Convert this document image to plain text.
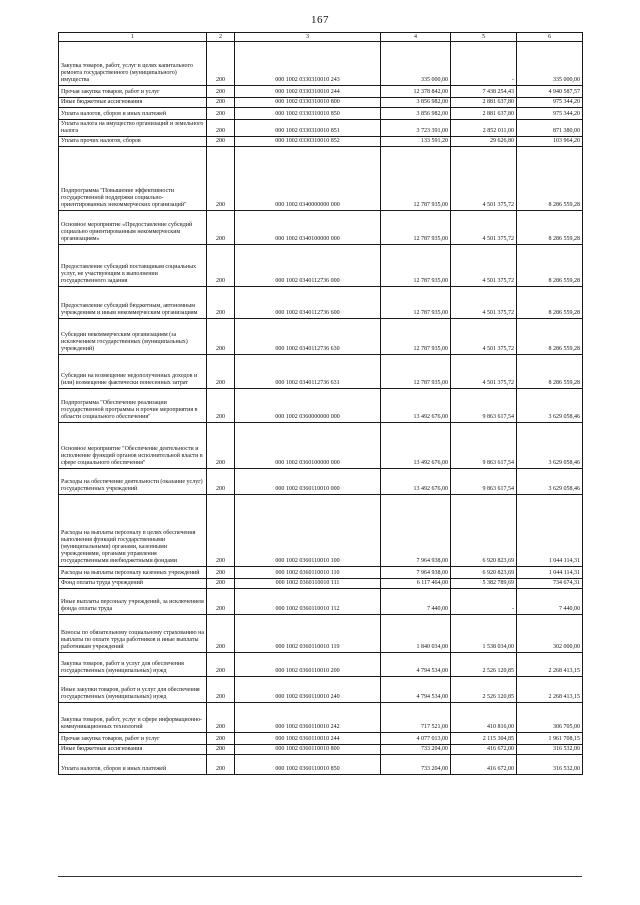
167
1	2	3	4	5	6
Закупка товаров, работ, услуг в целях капитального ремонта государственного (муниципального) имущества	200	000 1002 0330310010 243	335 000,00	-	335 000,00
Прочая закупка товаров, работ и услуг	200	000 1002 0330310010 244	12 378 842,00	7 438 254,43	4 940 587,57
Иные бюджетные ассигнования	200	000 1002 0330310010 800	3 856 982,00	2 881 637,80	975 344,20
Уплата налогов, сборов и иных платежей	200	000 1002 0330310010 850	3 856 982,00	2 881 637,80	975 344,20
Уплата налога на имущество организаций и земельного налога	200	000 1002 0330310010 851	3 723 391,00	2 852 011,00	871 380,00
Уплата прочих налогов, сборов	200	000 1002 0330310010 852	133 591,20	29 626,80	103 964,20
Подпрограмма "Повышение эффективности государственной поддержки социально-ориентированных некоммерческих организаций"	200	000 1002 0340000000 000	12 787 935,00	4 501 375,72	8 286 559,28
Основное мероприятие «Предоставление субсидий социально ориентированным некоммерческим организациям»	200	000 1002 0340100000 000	12 787 935,00	4 501 375,72	8 286 559,28
Предоставление субсидий поставщикам социальных услуг, не участвующим в выполнении государственного задания	200	000 1002 0340112736 000	12 787 935,00	4 501 375,72	8 286 559,28
Предоставление субсидий бюджетным, автономным учреждениям и иным некоммерческим организациям	200	000 1002 0340112736 600	12 787 935,00	4 501 375,72	8 286 559,28
Субсидии некоммерческим организациям (за исключением государственных (муниципальных) учреждений)	200	000 1002 0340112736 630	12 787 935,00	4 501 375,72	8 286 559,28
Субсидии на возмещение недополученных доходов и (или) возмещение фактически понесенных затрат	200	000 1002 0340112736 631	12 787 935,00	4 501 375,72	8 286 559,28
Подпрограмма "Обеспечение реализации государственной программы и прочие мероприятия в области социального обеспечения"	200	000 1002 0360000000 000	13 492 676,00	9 863 617,54	3 629 058,46
Основное мероприятие "Обеспечение деятельности и исполнение функций органов исполнительной власти в сфере социального обеспечения"	200	000 1002 0360100000 000	13 492 676,00	9 863 617,54	3 629 058,46
Расходы на обеспечение деятельности (оказание услуг) государственных учреждений	200	000 1002 0360110010 000	13 492 676,00	9 863 617,54	3 629 058,46
Расходы на выплаты персоналу в целях обеспечения выполнения функций государственными (муниципальными) органами, казенными учреждениями, органами управления государственными внебюджетными фондами	200	000 1002 0360110010 100	7 964 938,00	6 920 823,69	1 044 114,31
Расходы на выплаты персоналу казенных учреждений	200	000 1002 0360110010 110	7 964 938,00	6 920 823,69	1 044 114,31
Фонд оплаты труда учреждений	200	000 1002 0360110010 111	6 117 464,00	5 382 789,69	734 674,31
Иные выплаты персоналу учреждений, за исключением фонда оплаты труда	200	000 1002 0360110010 112	7 440,00	-	7 440,00
Взносы по обязательному социальному страхованию на выплаты по оплате труда работников и иные выплаты работникам учреждений	200	000 1002 0360110010 119	1 840 034,00	1 538 034,00	302 000,00
Закупка товаров, работ и услуг для обеспечения государственных (муниципальных) нужд	200	000 1002 0360110010 200	4 794 534,00	2 526 120,85	2 268 413,15
Иные закупки товаров, работ и услуг для обеспечения государственных (муниципальных) нужд	200	000 1002 0360110010 240	4 794 534,00	2 526 120,85	2 268 413,15
Закупка товаров, работ, услуг в сфере информационно-коммуникационных технологий	200	000 1002 0360110010 242	717 521,00	410 816,00	306 705,00
Прочая закупка товаров, работ и услуг	200	000 1002 0360110010 244	4 077 013,00	2 115 304,85	1 961 708,15
Иные бюджетные ассигнования	200	000 1002 0360110010 800	733 204,00	416 672,00	316 532,00
Уплата налогов, сборов и иных платежей	200	000 1002 0360110010 850	733 204,00	416 672,00	316 532,00
